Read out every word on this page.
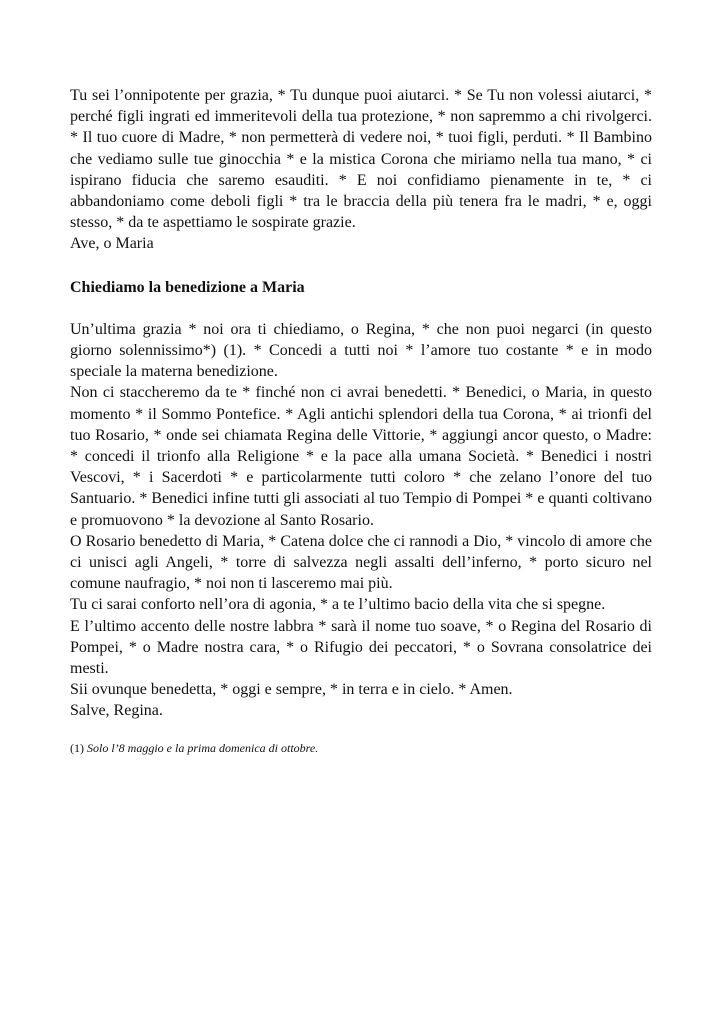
Tu sei l’onnipotente per grazia, * Tu dunque puoi aiutarci. * Se Tu non volessi aiutarci, * perché figli ingrati ed immeritevoli della tua protezione, * non sapremmo a chi rivolgerci. * Il tuo cuore di Madre, * non permetterà di vedere noi, * tuoi figli, perduti. * Il Bambino che vediamo sulle tue ginocchia * e la mistica Corona che miriamo nella tua mano, * ci ispirano fiducia che saremo esauditi. * E noi confidiamo pienamente in te, * ci abbandoniamo come deboli figli * tra le braccia della più tenera fra le madri, * e, oggi stesso, * da te aspettiamo le sospirate grazie.

Ave, o Maria

Chiediamo la benedizione a Maria

Un’ultima grazia * noi ora ti chiediamo, o Regina, * che non puoi negarci (in questo giorno solennissimo*) (1). * Concedi a tutti noi * l’amore tuo costante * e in modo speciale la materna benedizione.

Non ci staccheremo da te * finché non ci avrai benedetti. * Benedici, o Maria, in questo momento * il Sommo Pontefice. * Agli antichi splendori della tua Corona, * ai trionfi del tuo Rosario, * onde sei chiamata Regina delle Vittorie, * aggiungi ancor questo, o Madre: * concedi il trionfo alla Religione * e la pace alla umana Società. * Benedici i nostri Vescovi, * i Sacerdoti * e particolarmente tutti coloro * che zelano l’onore del tuo Santuario. * Benedici infine tutti gli associati al tuo Tempio di Pompei * e quanti coltivano e promuovono * la devozione al Santo Rosario.

O Rosario benedetto di Maria, * Catena dolce che ci rannodi a Dio, * vincolo di amore che ci unisci agli Angeli, * torre di salvezza negli assalti dell’inferno, * porto sicuro nel comune naufragio, * noi non ti lasceremo mai più.

Tu ci sarai conforto nell’ora di agonia, * a te l’ultimo bacio della vita che si spegne.

E l’ultimo accento delle nostre labbra * sarà il nome tuo soave, * o Regina del Rosario di Pompei, * o Madre nostra cara, * o Rifugio dei peccatori, * o Sovrana consolatrice dei mesti.

Sii ovunque benedetta, * oggi e sempre, * in terra e in cielo. * Amen.

Salve, Regina.

(1) Solo l’8 maggio e la prima domenica di ottobre.
